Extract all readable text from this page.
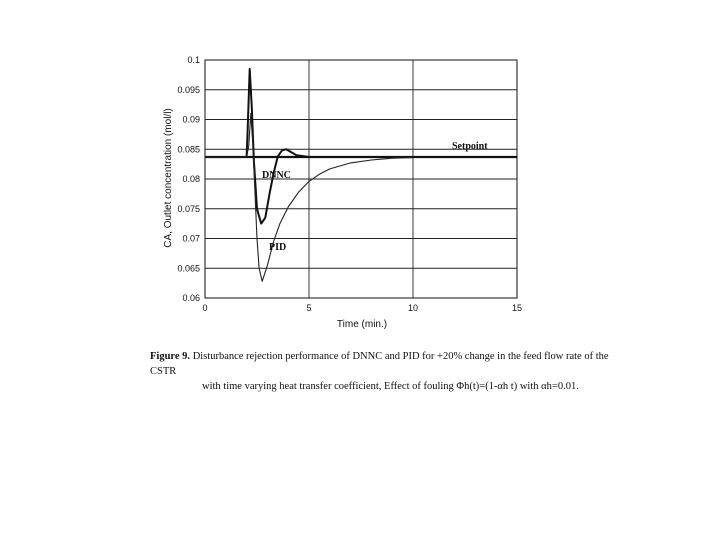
0.06
0.065
0.07
0.075
0.08
0.085
0.09
0.095
0.1
0	5	10	15
Setpoint
DNNC
PID
Time (min.)
CA, Outlet concentration (mol/l)
Figure 9. Disturbance rejection performance of DNNC and PID for +20% change in the feed flow rate of the CSTR
with time varying heat transfer coefficient, Effect of fouling Φh(t)=(1-αh t) with αh=0.01.
